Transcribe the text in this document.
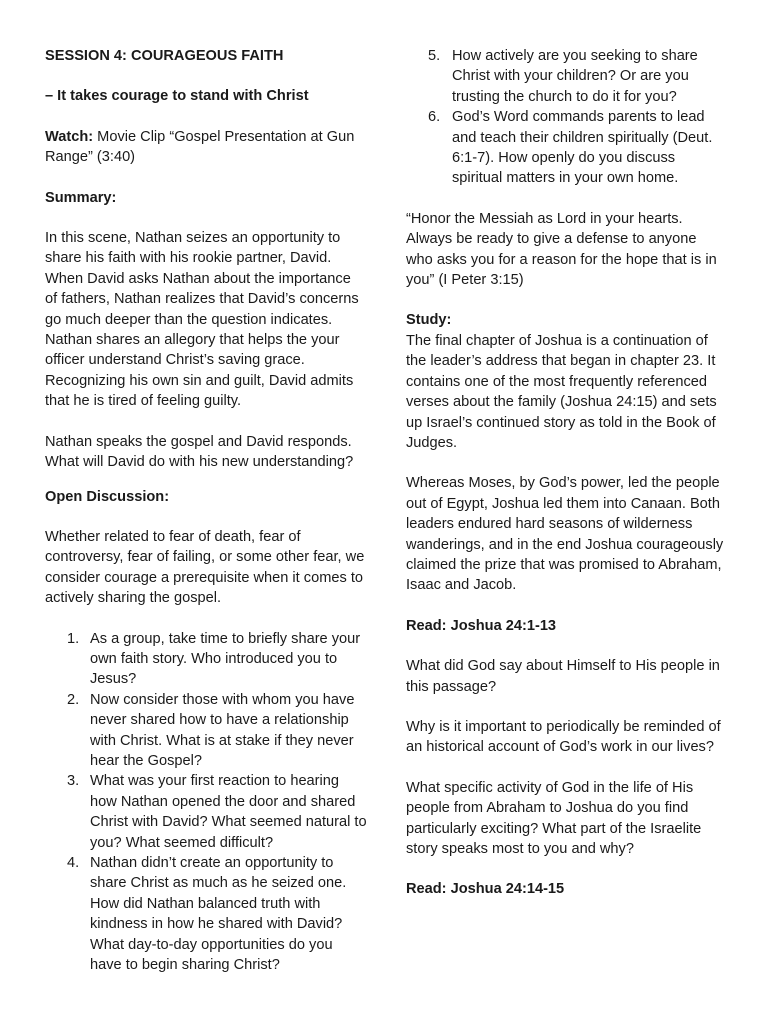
SESSION 4: COURAGEOUS FAITH

– It takes courage to stand with Christ

Watch: Movie Clip “Gospel Presentation at Gun Range” (3:40)

Summary:

In this scene, Nathan seizes an opportunity to share his faith with his rookie partner, David. When David asks Nathan about the importance of fathers, Nathan realizes that David’s concerns go much deeper than the question indicates. Nathan shares an allegory that helps the your officer understand Christ’s saving grace. Recognizing his own sin and guilt, David admits that he is tired of feeling guilty.

Nathan speaks the gospel and David responds. What will David do with his new understanding?

Open Discussion:

Whether related to fear of death, fear of controversy, fear of failing, or some other fear, we consider courage a prerequisite when it comes to actively sharing the gospel.

1. As a group, take time to briefly share your own faith story. Who introduced you to Jesus?
2. Now consider those with whom you have never shared how to have a relationship with Christ. What is at stake if they never hear the Gospel?
3. What was your first reaction to hearing how Nathan opened the door and shared Christ with David? What seemed natural to you? What seemed difficult?
4. Nathan didn’t create an opportunity to share Christ as much as he seized one. How did Nathan balanced truth with kindness in how he shared with David? What day-to-day opportunities do you have to begin sharing Christ?
5. How actively are you seeking to share Christ with your children? Or are you trusting the church to do it for you?
6. God’s Word commands parents to lead and teach their children spiritually (Deut. 6:1-7). How openly do you discuss spiritual matters in your own home.

“Honor the Messiah as Lord in your hearts. Always be ready to give a defense to anyone who asks you for a reason for the hope that is in you” (I Peter 3:15)

Study:

The final chapter of Joshua is a continuation of the leader’s address that began in chapter 23. It contains one of the most frequently referenced verses about the family (Joshua 24:15) and sets up Israel’s continued story as told in the Book of Judges.

Whereas Moses, by God’s power, led the people out of Egypt, Joshua led them into Canaan. Both leaders endured hard seasons of wilderness wanderings, and in the end Joshua courageously claimed the prize that was promised to Abraham, Isaac and Jacob.

Read: Joshua 24:1-13

What did God say about Himself to His people in this passage?

Why is it important to periodically be reminded of an historical account of God’s work in our lives?

What specific activity of God in the life of His people from Abraham to Joshua do you find particularly exciting? What part of the Israelite story speaks most to you and why?

Read: Joshua 24:14-15
